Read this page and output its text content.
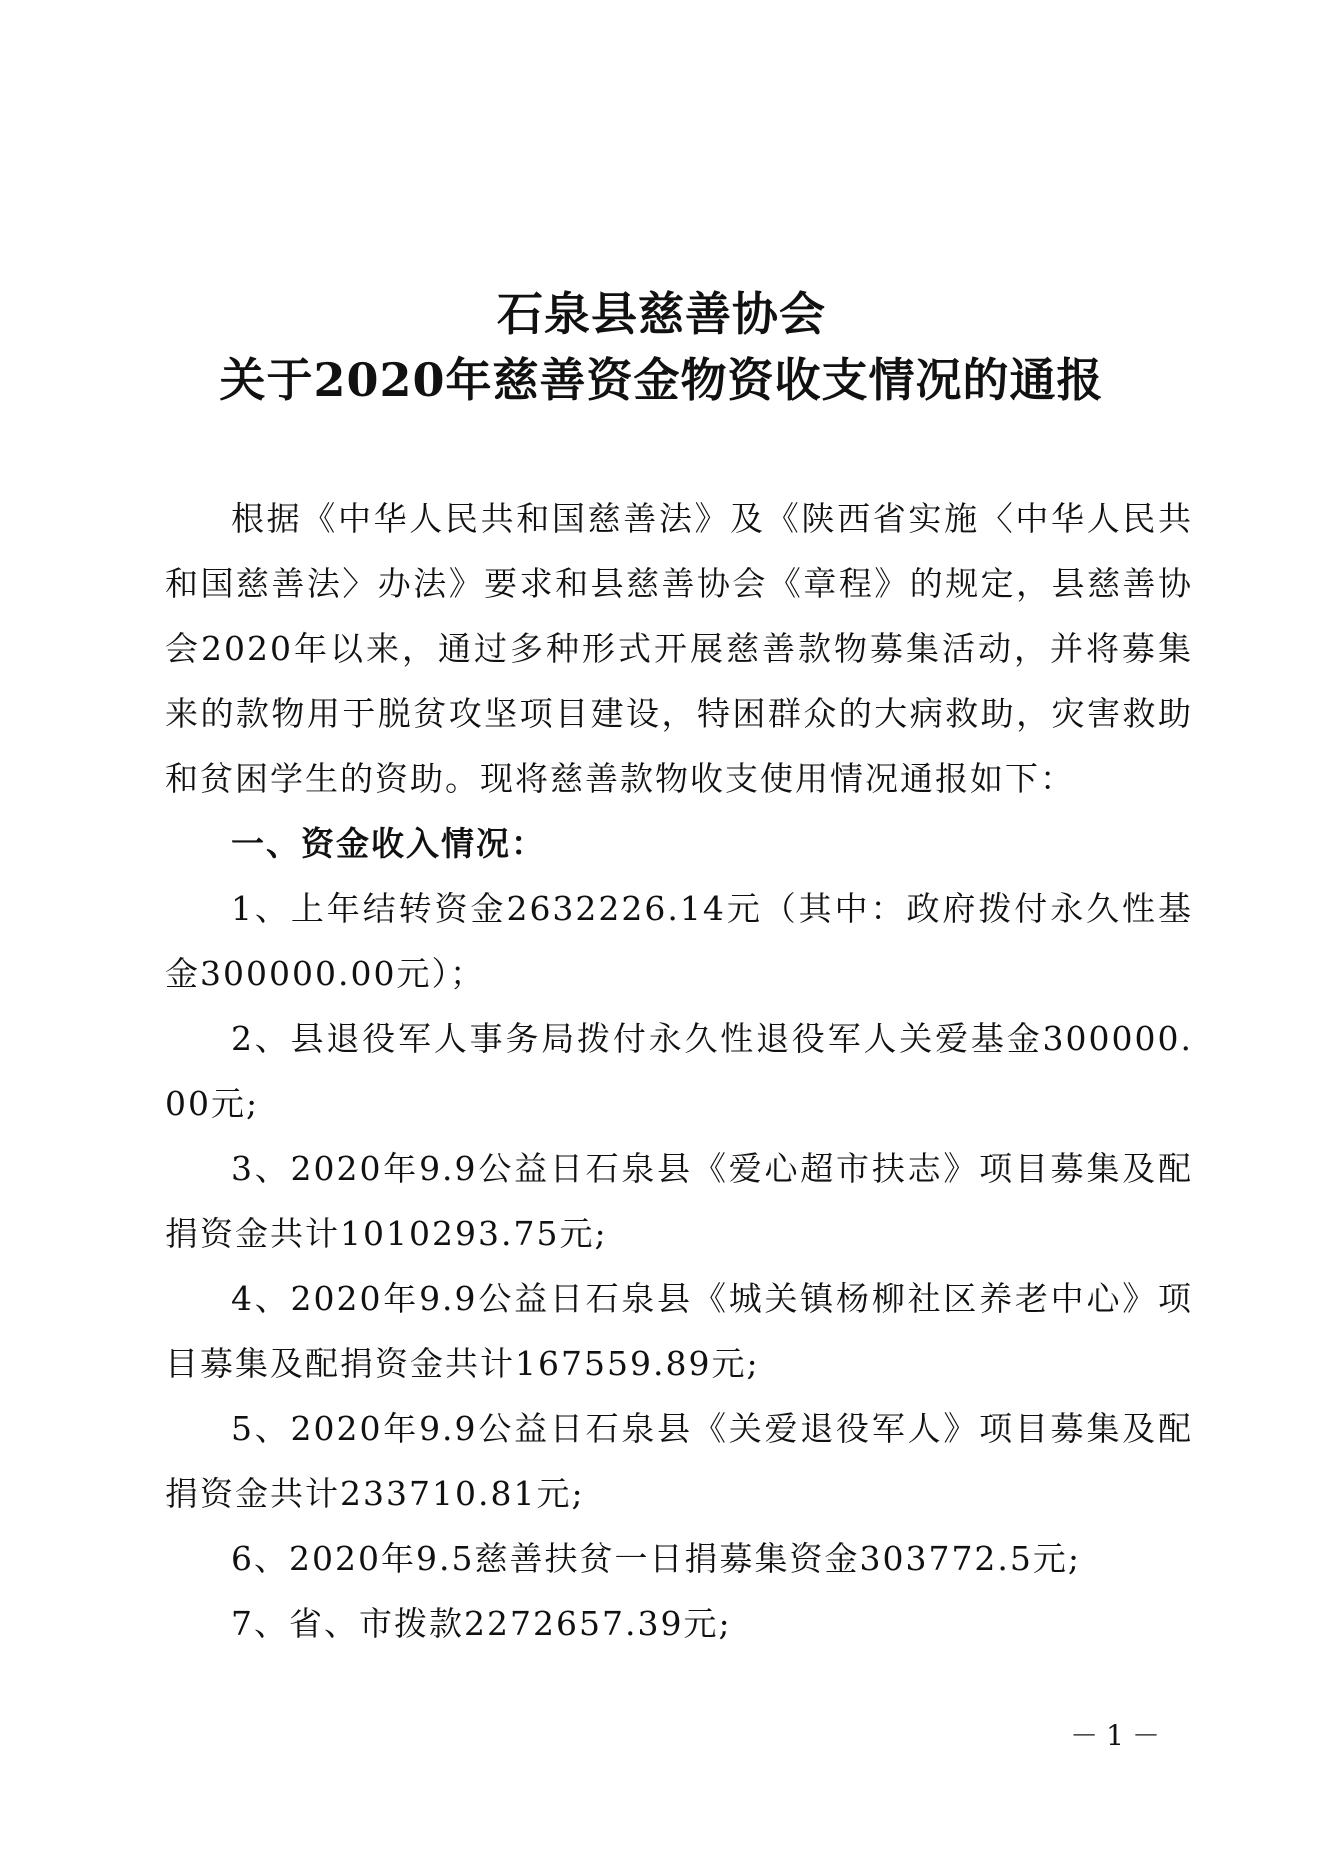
石泉县慈善协会
关于2020年慈善资金物资收支情况的通报

根据《中华人民共和国慈善法》及《陕西省实施〈中华人民共和国慈善法〉办法》要求和县慈善协会《章程》的规定，县慈善协会2020年以来，通过多种形式开展慈善款物募集活动，并将募集来的款物用于脱贫攻坚项目建设，特困群众的大病救助，灾害救助和贫困学生的资助。现将慈善款物收支使用情况通报如下：

一、资金收入情况：

1、上年结转资金2632226.14元（其中：政府拨付永久性基金300000.00元）；

2、县退役军人事务局拨付永久性退役军人关爱基金300000.00元;

3、2020年9.9公益日石泉县《爱心超市扶志》项目募集及配捐资金共计1010293.75元;

4、2020年9.9公益日石泉县《城关镇杨柳社区养老中心》项目募集及配捐资金共计167559.89元;

5、2020年9.9公益日石泉县《关爱退役军人》项目募集及配捐资金共计233710.81元;

6、2020年9.5慈善扶贫一日捐募集资金303772.5元;

7、省、市拨款2272657.39元;

－1－
